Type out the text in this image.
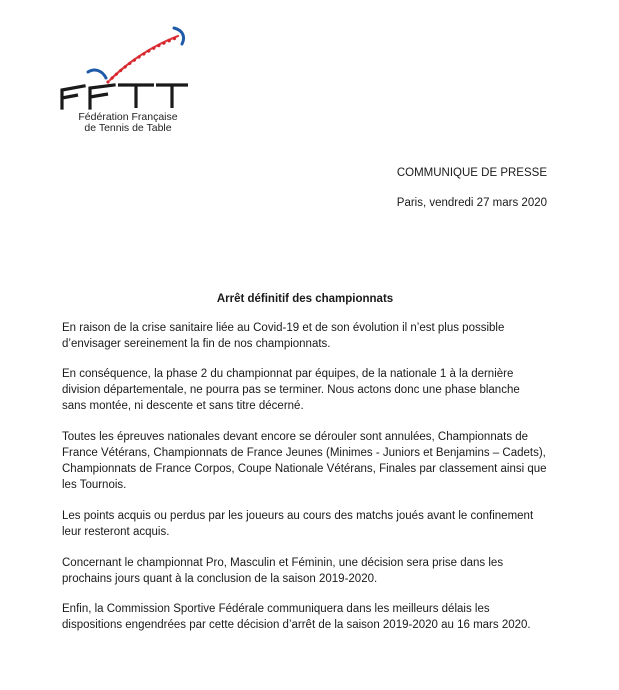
Fédération Française
de Tennis de Table
COMMUNIQUE DE PRESSE
Paris, vendredi 27 mars 2020
Arrêt définitif des championnats
En raison de la crise sanitaire liée au Covid-19 et de son évolution il n’est plus possible
d’envisager sereinement la fin de nos championnats.
En conséquence, la phase 2 du championnat par équipes, de la nationale 1 à la dernière
division départementale, ne pourra pas se terminer. Nous actons donc une phase blanche
sans montée, ni descente et sans titre décerné.
Toutes les épreuves nationales devant encore se dérouler sont annulées, Championnats de
France Vétérans, Championnats de France Jeunes (Minimes - Juniors et Benjamins – Cadets),
Championnats de France Corpos, Coupe Nationale Vétérans, Finales par classement ainsi que
les Tournois.
Les points acquis ou perdus par les joueurs au cours des matchs joués avant le confinement
leur resteront acquis.
Concernant le championnat Pro, Masculin et Féminin, une décision sera prise dans les
prochains jours quant à la conclusion de la saison 2019-2020.
Enfin, la Commission Sportive Fédérale communiquera dans les meilleurs délais les
dispositions engendrées par cette décision d’arrêt de la saison 2019-2020 au 16 mars 2020.
